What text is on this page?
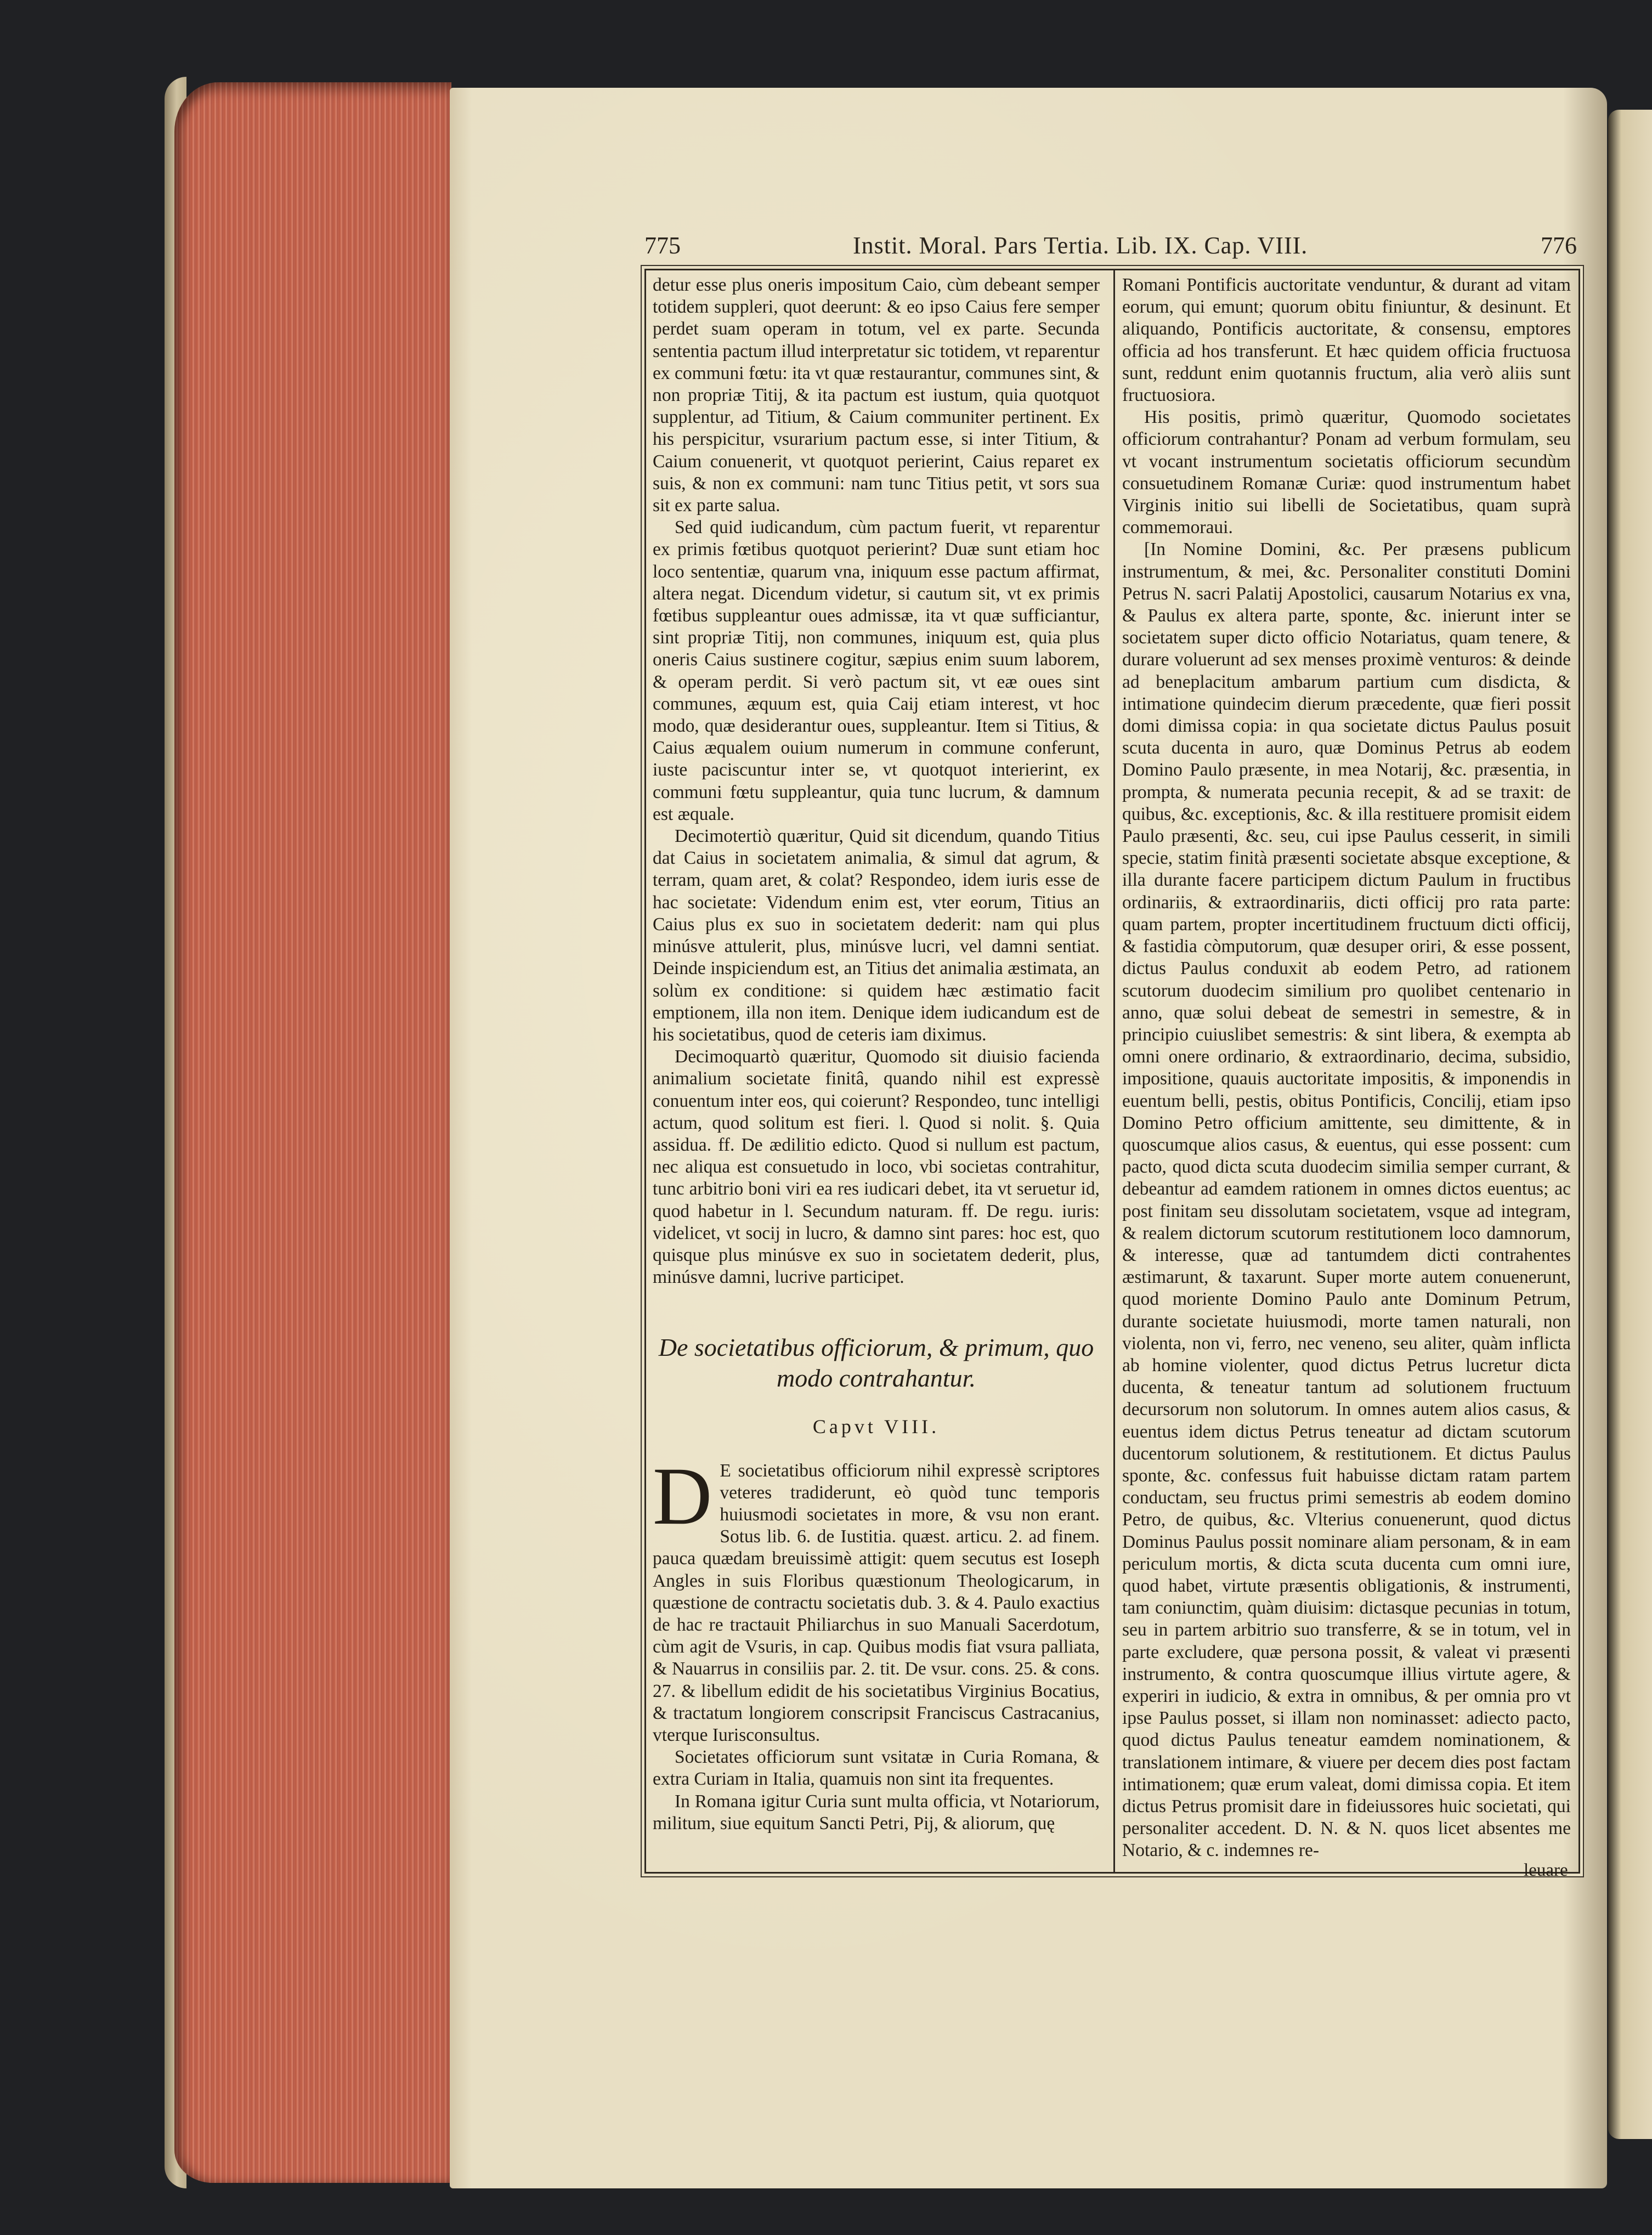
775	Instit. Moral. Pars Tertia. Lib. IX. Cap. VIII.	776

detur esse plus oneris impositum Caio, cùm debeant semper totidem suppleri, quot deerunt: & eo ipso Caius fere semper perdet suam operam in totum, vel ex parte. Secunda sententia pactum illud interpretatur sic totidem, vt reparentur ex communi fœtu: ita vt quæ restaurantur, communes sint, & non propriæ Titij, & ita pactum est iustum, quia quotquot supplentur, ad Titium, & Caium communiter pertinent. Ex his perspicitur, vsurarium pactum esse, si inter Titium, & Caium conuenerit, vt quotquot perierint, Caius reparet ex suis, & non ex communi: nam tunc Titius petit, vt sors sua sit ex parte salua.

Sed quid iudicandum, cùm pactum fuerit, vt reparentur ex primis fœtibus quotquot perierint? Duæ sunt etiam hoc loco sententiæ, quarum vna, iniquum esse pactum affirmat, altera negat. Dicendum videtur, si cautum sit, vt ex primis fœtibus suppleantur oues admissæ, ita vt quæ sufficiantur, sint propriæ Titij, non communes, iniquum est, quia plus oneris Caius sustinere cogitur, sæpius enim suum laborem, & operam perdit. Si verò pactum sit, vt eæ oues sint communes, æquum est, quia Caij etiam interest, vt hoc modo, quæ desiderantur oues, suppleantur. Item si Titius, & Caius æqualem ouium numerum in commune conferunt, iuste paciscuntur inter se, vt quotquot interierint, ex communi fœtu suppleantur, quia tunc lucrum, & damnum est æquale.

Decimotertiò quæritur, Quid sit dicendum, quando Titius dat Caius in societatem animalia, & simul dat agrum, & terram, quam aret, & colat? Respondeo, idem iuris esse de hac societate: Videndum enim est, vter eorum, Titius an Caius plus ex suo in societatem dederit: nam qui plus minúsve attulerit, plus, minúsve lucri, vel damni sentiat. Deinde inspiciendum est, an Titius det animalia æstimata, an solùm ex conditione: si quidem hæc æstimatio facit emptionem, illa non item. Denique idem iudicandum est de his societatibus, quod de ceteris iam diximus.

Decimoquartò quæritur, Quomodo sit diuisio facienda animalium societate finitâ, quando nihil est expressè conuentum inter eos, qui coierunt? Respondeo, tunc intelligi actum, quod solitum est fieri. l. Quod si nolit. §. Quia assidua. ff. De ædilitio edicto. Quod si nullum est pactum, nec aliqua est consuetudo in loco, vbi societas contrahitur, tunc arbitrio boni viri ea res iudicari debet, ita vt seruetur id, quod habetur in l. Secundum naturam. ff. De regu. iuris: videlicet, vt socij in lucro, & damno sint pares: hoc est, quo quisque plus minúsve ex suo in societatem dederit, plus, minúsve damni, lucrive participet.

De societatibus officiorum, & primum, quo modo contrahantur.
Capvt VIII.

D E societatibus officiorum nihil expressè scriptores veteres tradiderunt, eò quòd tunc temporis huiusmodi societates in more, & vsu non erant. Sotus lib. 6. de Iustitia. quæst. articu. 2. ad finem. pauca quædam breuissimè attigit: quem secutus est Ioseph Angles in suis Floribus quæstionum Theologicarum, in quæstione de contractu societatis dub. 3. & 4. Paulo exactius de hac re tractauit Philiarchus in suo Manuali Sacerdotum, cùm agit de Vsuris, in cap. Quibus modis fiat vsura palliata, & Nauarrus in consiliis par. 2. tit. De vsur. cons. 25. & cons. 27. & libellum edidit de his societatibus Virginius Bocatius, & tractatum longiorem conscripsit Franciscus Castracanius, vterque Iurisconsultus.

Societates officiorum sunt vsitatæ in Curia Romana, & extra Curiam in Italia, quamuis non sint ita frequentes.

In Romana igitur Curia sunt multa officia, vt Notariorum, militum, siue equitum Sancti Petri, Pij, & aliorum, quę

Romani Pontificis auctoritate venduntur, & durant ad vitam eorum, qui emunt; quorum obitu finiuntur, & desinunt. Et aliquando, Pontificis auctoritate, & consensu, emptores officia ad hos transferunt. Et hæc quidem officia fructuosa sunt, reddunt enim quotannis fructum, alia verò aliis sunt fructuosiora.

His positis, primò quæritur, Quomodo societates officiorum contrahantur? Ponam ad verbum formulam, seu vt vocant instrumentum societatis officiorum secundùm consuetudinem Romanæ Curiæ: quod instrumentum habet Virginis initio sui libelli de Societatibus, quam suprà commemoraui.

[In Nomine Domini, &c. Per præsens publicum instrumentum, & mei, &c. Personaliter constituti Domini Petrus N. sacri Palatij Apostolici, causarum Notarius ex vna, & Paulus ex altera parte, sponte, &c. inierunt inter se societatem super dicto officio Notariatus, quam tenere, & durare voluerunt ad sex menses proximè venturos: & deinde ad beneplacitum ambarum partium cum disdicta, & intimatione quindecim dierum præcedente, quæ fieri possit domi dimissa copia: in qua societate dictus Paulus posuit scuta ducenta in auro, quæ Dominus Petrus ab eodem Domino Paulo præsente, in mea Notarij, &c. præsentia, in prompta, & numerata pecunia recepit, & ad se traxit: de quibus, &c. exceptionis, &c. & illa restituere promisit eidem Paulo præsenti, &c. seu, cui ipse Paulus cesserit, in simili specie, statim finità præsenti societate absque exceptione, & illa durante facere participem dictum Paulum in fructibus ordinariis, & extraordinariis, dicti officij pro rata parte: quam partem, propter incertitudinem fructuum dicti officij, & fastidia còmputorum, quæ desuper oriri, & esse possent, dictus Paulus conduxit ab eodem Petro, ad rationem scutorum duodecim similium pro quolibet centenario in anno, quæ solui debeat de semestri in semestre, & in principio cuiuslibet semestris: & sint libera, & exempta ab omni onere ordinario, & extraordinario, decima, subsidio, impositione, quauis auctoritate impositis, & imponendis in euentum belli, pestis, obitus Pontificis, Concilij, etiam ipso Domino Petro officium amittente, seu dimittente, & in quoscumque alios casus, & euentus, qui esse possent: cum pacto, quod dicta scuta duodecim similia semper currant, & debeantur ad eamdem rationem in omnes dictos euentus; ac post finitam seu dissolutam societatem, vsque ad integram, & realem dictorum scutorum restitutionem loco damnorum, & interesse, quæ ad tantumdem dicti contrahentes æstimarunt, & taxarunt. Super morte autem conuenerunt, quod moriente Domino Paulo ante Dominum Petrum, durante societate huiusmodi, morte tamen naturali, non violenta, non vi, ferro, nec veneno, seu aliter, quàm inflicta ab homine violenter, quod dictus Petrus lucretur dicta ducenta, & teneatur tantum ad solutionem fructuum decursorum non solutorum. In omnes autem alios casus, & euentus idem dictus Petrus teneatur ad dictam scutorum ducentorum solutionem, & restitutionem. Et dictus Paulus sponte, &c. confessus fuit habuisse dictam ratam partem conductam, seu fructus primi semestris ab eodem domino Petro, de quibus, &c. Vlterius conuenerunt, quod dictus Dominus Paulus possit nominare aliam personam, & in eam periculum mortis, & dicta scuta ducenta cum omni iure, quod habet, virtute præsentis obligationis, & instrumenti, tam coniunctim, quàm diuisim: dictasque pecunias in totum, seu in partem arbitrio suo transferre, & se in totum, vel in parte excludere, quæ persona possit, & valeat vi præsenti instrumento, & contra quoscumque illius virtute agere, & experiri in iudicio, & extra in omnibus, & per omnia pro vt ipse Paulus posset, si illam non nominasset: adiecto pacto, quod dictus Paulus teneatur eamdem nominationem, & translationem intimare, & viuere per decem dies post factam intimationem; quæ erum valeat, domi dimissa copia. Et item dictus Petrus promisit dare in fideiussores huic societati, qui personaliter accedent. D. N. & N. quos licet absentes me Notario, & c. indemnes re-

leuare
